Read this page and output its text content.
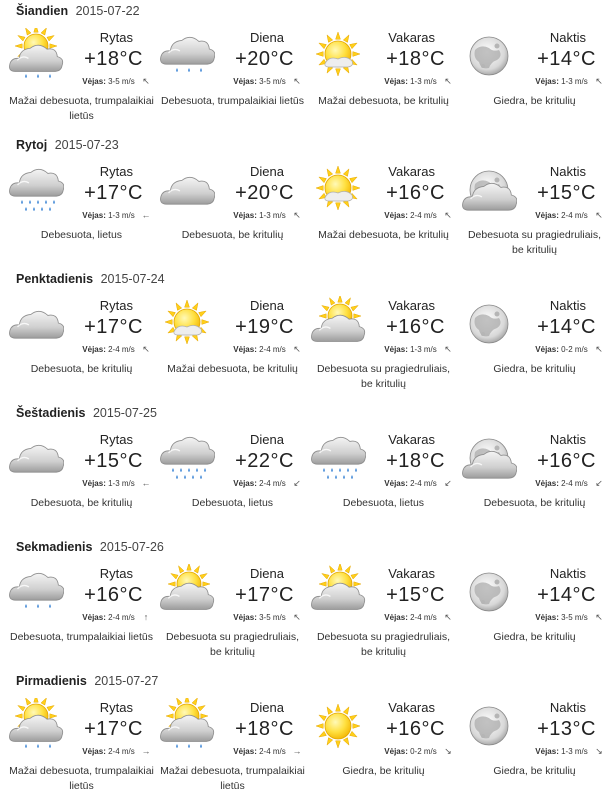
Šiandien 2015-07-22
Rytas
+18°C
Vėjas: 3-5 m/s ↖
Mažai debesuota, trumpalaikiai lietūs
Diena
+20°C
Vėjas: 3-5 m/s ↖
Debesuota, trumpalaikiai lietūs
Vakaras
+18°C
Vėjas: 1-3 m/s ↖
Mažai debesuota, be kritulių
Naktis
+14°C
Vėjas: 1-3 m/s ↖
Giedra, be kritulių
Rytoj 2015-07-23
Rytas
+17°C
Vėjas: 1-3 m/s ←
Debesuota, lietus
Diena
+20°C
Vėjas: 1-3 m/s ↖
Debesuota, be kritulių
Vakaras
+16°C
Vėjas: 2-4 m/s ↖
Mažai debesuota, be kritulių
Naktis
+15°C
Vėjas: 2-4 m/s ↖
Debesuota su pragiedruliais, be kritulių
Penktadienis 2015-07-24
Rytas
+17°C
Vėjas: 2-4 m/s ↖
Debesuota, be kritulių
Diena
+19°C
Vėjas: 2-4 m/s ↖
Mažai debesuota, be kritulių
Vakaras
+16°C
Vėjas: 1-3 m/s ↖
Debesuota su pragiedruliais, be kritulių
Naktis
+14°C
Vėjas: 0-2 m/s ↖
Giedra, be kritulių
Šeštadienis 2015-07-25
Rytas
+15°C
Vėjas: 1-3 m/s ←
Debesuota, be kritulių
Diena
+22°C
Vėjas: 2-4 m/s ↙
Debesuota, lietus
Vakaras
+18°C
Vėjas: 2-4 m/s ↙
Debesuota, lietus
Naktis
+16°C
Vėjas: 2-4 m/s ↙
Debesuota, be kritulių
Sekmadienis 2015-07-26
Rytas
+16°C
Vėjas: 2-4 m/s ↑
Debesuota, trumpalaikiai lietūs
Diena
+17°C
Vėjas: 3-5 m/s ↖
Debesuota su pragiedruliais, be kritulių
Vakaras
+15°C
Vėjas: 2-4 m/s ↖
Debesuota su pragiedruliais, be kritulių
Naktis
+14°C
Vėjas: 3-5 m/s ↖
Giedra, be kritulių
Pirmadienis 2015-07-27
Rytas
+17°C
Vėjas: 2-4 m/s →
Mažai debesuota, trumpalaikiai lietūs
Diena
+18°C
Vėjas: 2-4 m/s →
Mažai debesuota, trumpalaikiai lietūs
Vakaras
+16°C
Vėjas: 0-2 m/s ↘
Giedra, be kritulių
Naktis
+13°C
Vėjas: 1-3 m/s ↘
Giedra, be kritulių
